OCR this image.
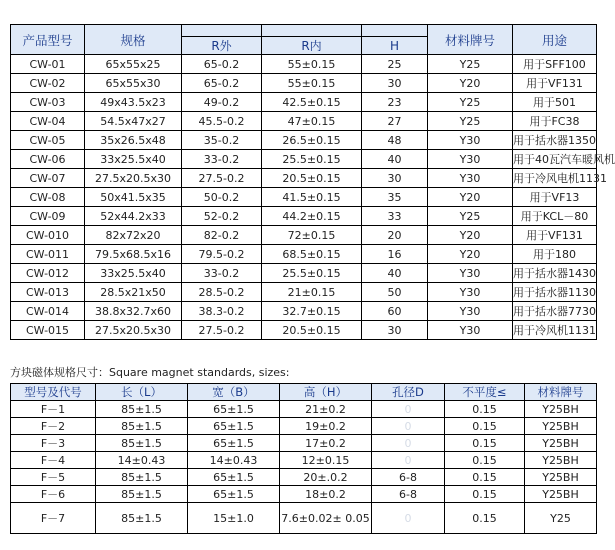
产品型号	规格				材料牌号	用途
		R外	R内	H		
CW-01	65x55x25	65-0.2	55±0.15	25	Y25	用于SFF100
CW-02	65x55x30	65-0.2	55±0.15	30	Y20	用于VF131
CW-03	49x43.5x23	49-0.2	42.5±0.15	23	Y25	用于501
CW-04	54.5x47x27	45.5-0.2	47±0.15	27	Y25	用于FC38
CW-05	35x26.5x48	35-0.2	26.5±0.15	48	Y30	用于括水器1350
CW-06	33x25.5x40	33-0.2	25.5±0.15	40	Y30	用于40瓦汽车暖风机
CW-07	27.5x20.5x30	27.5-0.2	20.5±0.15	30	Y30	用于冷风电机1131
CW-08	50x41.5x35	50-0.2	41.5±0.15	35	Y20	用于VF13
CW-09	52x44.2x33	52-0.2	44.2±0.15	33	Y25	用于KCL－80
CW-010	82x72x20	82-0.2	72±0.15	20	Y20	用于VF131
CW-011	79.5x68.5x16	79.5-0.2	68.5±0.15	16	Y20	用于180
CW-012	33x25.5x40	33-0.2	25.5±0.15	40	Y30	用于括水器1430
CW-013	28.5x21x50	28.5-0.2	21±0.15	50	Y30	用于括水器1130
CW-014	38.8x32.7x60	38.3-0.2	32.7±0.15	60	Y30	用于括水器7730
CW-015	27.5x20.5x30	27.5-0.2	20.5±0.15	30	Y30	用于冷风机1131
方块磁体规格尺寸：Square magnet standards, sizes:
型号及代号	长（L）	宽（B）	高（H）	孔径D	不平度≤	材料牌号
F－1	85±1.5	65±1.5	21±0.2	0	0.15	Y25BH
F－2	85±1.5	65±1.5	19±0.2	0	0.15	Y25BH
F－3	85±1.5	65±1.5	17±0.2	0	0.15	Y25BH
F－4	14±0.43	14±0.43	12±0.15	0	0.15	Y25BH
F－5	85±1.5	65±1.5	20±.0.2	6-8	0.15	Y25BH
F－6	85±1.5	65±1.5	18±0.2	6-8	0.15	Y25BH
F－7	85±1.5	15±1.0	7.6±0.02± 0.05	0	0.15	Y25
